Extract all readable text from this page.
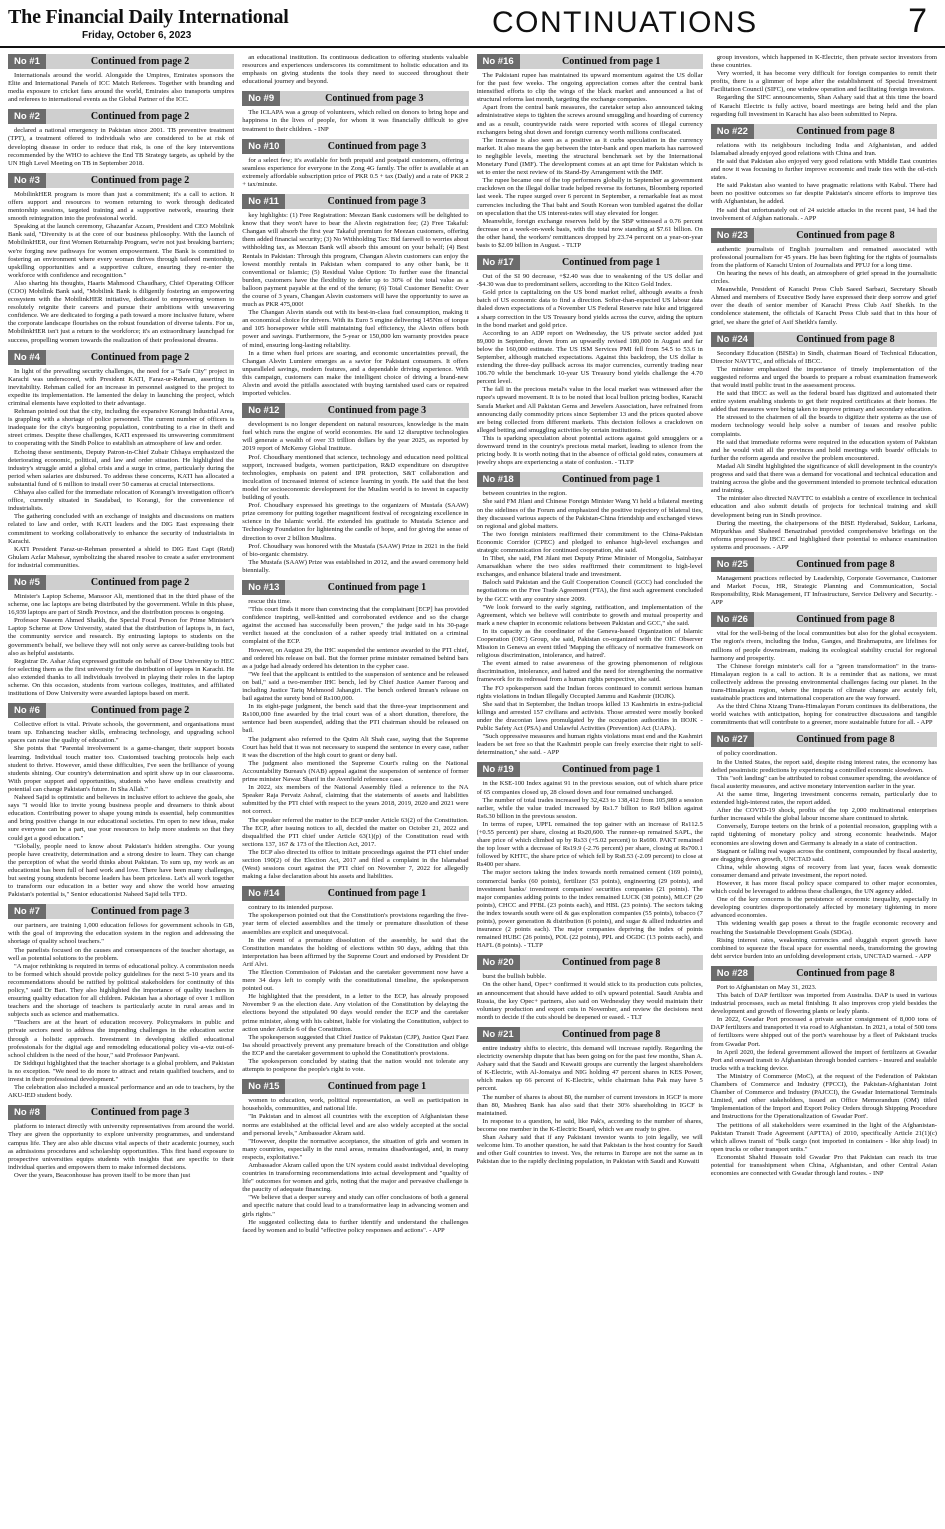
The Financial Daily International
Friday, October 6, 2023	CONTINUATIONS	7
No #1	Continued from page 2

Internationals around the world. Alongside the Umpires, Emirates sponsors the Elite and International Panels of ICC Match Referees. Together with branding and media exposure to cricket fans around the world, Emirates also transports umpires and referees to international events as the Global Partner of the ICC.

No #2	Continued from page 2

declared a national emergency in Pakistan since 2001. TB preventive treatment (TPT), a treatment offered to individuals who are considered to be at risk of developing disease in order to reduce that risk, is one of the key interventions recommended by the WHO to achieve the End TB Strategy targets, as upheld by the UN High Level Meeting on TB in September 2018.

No #3	Continued from page 2

MobilinkHER program is more than just a commitment; it's a call to action. It offers support and resources to women returning to work through dedicated mentorship sessions, targeted training and a supportive network, ensuring their smooth reintegration into the professional world.

Speaking at the launch ceremony, Ghazanfar Azzam, President and CEO Mobilink Bank said, "Diversity is at the core of our business philosophy. With the launch of MobilinkHER, our first Women Returnship Program, we're not just breaking barriers; we're forging new pathways for women empowerment. The Bank is committed to fostering an environment where every woman thrives through tailored mentorship, upskilling opportunities and a supportive culture, ensuring they re-enter the workforce with confidence and recognition."

Also sharing his thoughts, Haaris Mahmood Chaudhary, Chief Operating Officer (COO) Mobilink Bank said, "Mobilink Bank is diligently fostering an empowering ecosystem with the MobilinkHER initiative, dedicated to empowering women to resolutely reignite their careers and pursue their ambitions with unwavering confidence. We are dedicated to forging a path toward a more inclusive future, where the corporate landscape flourishes on the robust foundation of diverse talents. For us, MobilinkHER isn't just a return to the workforce; it's an extraordinary launchpad for success, propelling women towards the realization of their professional dreams.

No #4	Continued from page 2

In light of the prevailing security challenges, the need for a "Safe City" project in Karachi was underscored, with President KATI, Faraz-ur-Rehman, asserting its inevitability. Rehman called for an increase in personnel assigned to the project to expedite its implementation. He lamented the delay in launching the project, which criminal elements have exploited to their advantage.

Rehman pointed out that the city, including the expansive Korangi Industrial Area, is grappling with a shortage of police personnel. The current number of officers is inadequate for the city's burgeoning population, contributing to a rise in theft and street crimes. Despite these challenges, KATI expressed its unwavering commitment to cooperating with the Sindh Police to establish an atmosphere of law and order.

Echoing these sentiments, Deputy Patron-in-Chief Zubair Chhaya emphasized the deteriorating economic, political, and law and order situation. He highlighted the industry's struggle amid a global crisis and a surge in crime, particularly during the period when salaries are disbursed. To address these concerns, KATI has allocated a substantial fund of 6 million to install over 50 cameras at crucial intersections.

Chhaya also called for the immediate relocation of Korangi's investigation officer's office, currently situated in Saudabad, to Korangi, for the convenience of industrialists.

The gathering concluded with an exchange of insights and discussions on matters related to law and order, with KATI leaders and the DIG East expressing their commitment to working collaboratively to enhance the security of industrialists in Karachi.

KATI President Faraz-ur-Rehman presented a shield to DIG East Capt (Retd) Ghulam Azfar Mahesar, symbolizing the shared resolve to create a safer environment for industrial communities.

No #5	Continued from page 2

Minister's Laptop Scheme, Mansoor Ali, mentioned that in the third phase of the scheme, one lac laptops are being distributed by the government. While in this phase, 16,939 laptops are part of Sindh Province, and the distribution process is ongoing.

Professor Naseem Ahmed Shaikh, the Special Focal Person for Prime Minister's Laptop Scheme at Dow University, stated that the distribution of laptops is, in fact, the community service and research. By entrusting laptops to students on the government's behalf, we believe they will not only serve as career-building tools but also as helpful assistants.

Registrar Dr. Ashar Afaq expressed gratitude on behalf of Dow University to HEC for selecting them as the first university for the distribution of laptops in Karachi. He also extended thanks to all individuals involved in playing their roles in the laptop scheme. On this occasion, students from various colleges, institutes, and affiliated institutions of Dow University were awarded laptops based on merit.

No #6	Continued from page 2

Collective effort is vital. Private schools, the government, and organisations must team up. Enhancing teacher skills, embracing technology, and upgrading school spaces can raise the quality of education."

She points that "Parental involvement is a game-changer, their support boosts learning. Individual touch matter too. Customised teaching protocols help each student to thrive. However, amid these difficulties, I've seen the brilliance of young students shining. Our country's determination and spirit show up in our classrooms. With proper support and opportunities, students who have endless creativity and potential can change Pakistan's future. In Sha Allah."

Naheed Sajid is optimistic and believes in inclusive effort to achieve the goals, she says "I would like to invite young business people and dreamers to think about education. Contributing power to shape young minds is essential, help communities and bring positive change in our educational societies. I'm open to new ideas, make sure everyone can be a part, use your resources to help more students so that they could get a good education."

"Globally, people need to know about Pakistan's hidden strengths. Our young people have creativity, determination and a strong desire to learn. They can change the perception of what the world thinks about Pakistan. To sum up, my work as an educationist has been full of hard work and love. There have been many challenges, but seeing young students become leaders has been priceless. Let's all work together to transform our education in a better way and show the world how amazing Pakistan's potential is," Senior educationist Naheed Sajid tells TFD.

No #7	Continued from page 3

our partners, are training 1,000 education fellows for government schools in GB, with the goal of improving the education system in the region and addressing the shortage of quality school teachers."

The panelists focused on the causes and consequences of the teacher shortage, as well as potential solutions to the problem.

"A major rethinking is required in terms of educational policy. A commission needs to be formed which should provide policy guidelines for the next 5-10 years and its recommendations should be ratified by political stakeholders for continuity of this policy," said Dr Bari. They also highlighted the importance of quality teachers in ensuring quality education for all children. Pakistan has a shortage of over 1 million teachers and the shortage of teachers is particularly acute in rural areas and in subjects such as science and mathematics.

"Teachers are at the heart of education recovery. Policymakers in public and private sectors need to address the impending challenges in the education sector through a holistic approach. Investment in developing skilled educational professionals for the digital age and remodeling educational policy vis-a-viz out-of-school children is the need of the hour," said Professor Panjwani.

Dr Siddiqui highlighted that the teacher shortage is a global problem, and Pakistan is no exception. "We need to do more to attract and retain qualified teachers, and to invest in their professional development."

The celebration also included a musical performance and an ode to teachers, by the AKU-IED student body.

No #8	Continued from page 3

platform to interact directly with university representatives from around the world. They are given the opportunity to explore university programmes, and understand campus life. They are also able discuss vital aspects of their academic journey, such as admissions procedures and scholarship opportunities. This first hand exposure to prospective universities equips students with insights that are specific to their individual queries and empowers them to make informed decisions.

Over the years, Beaconhouse has proven itself to be more than just

an educational institution. Its continuous dedication to offering students valuable resources and experiences underscores its commitment to holistic education and its emphasis on giving students the tools they need to succeed throughout their educational journey and beyond.

No #9	Continued from page 3

The ICLAPA was a group of volunteers, which relied on donors to bring hope and happiness in the lives of people, for whom it was financially difficult to give treatment to their children. - INP

No #10	Continued from page 3

for a select few; it's available for both prepaid and postpaid customers, offering a seamless experience for everyone in the Zong 4G family. The offer is available at an extremely affordable subscription price of PKR 0.5 + tax (Daily) and a rate of PKR 2 + tax/minute.

No #11	Continued from page 3

key highlights: (1) Free Registration: Meezan Bank customers will be delighted to know that they won't have to bear the Alsvin registration fee; (2) Free Takaful: Changan will absorb the first year Takaful premium for Meezan customers, offering them added financial security; (3) No Withholding Tax: Bid farewell to worries about withholding tax, as Meezan Bank will absorb this amount on your behalf; (4) Best Rentals in Pakistan: Through this program, Changan Alsvin customers can enjoy the lowest monthly rentals in Pakistan when compared to any other bank, be it conventional or Islamic; (5) Residual Value Option: To further ease the financial burden, customers have the flexibility to defer up to 30% of the total value as a balloon payment payable at the end of the tenure; (6) Total Customer Benefit: Over the course of 3 years, Changan Alsvin customers will have the opportunity to save as much as PKR 475,000!

The Changan Alsvin stands out with its best-in-class fuel consumption, making it an economical choice for drivers. With its Euro 5 engine delivering 145Nm of torque and 105 horsepower while still maintaining fuel efficiency, the Alsvin offers both power and savings. Furthermore, the 5-year or 150,000 km warranty provides peace of mind, ensuring long-lasting reliability.

In a time when fuel prices are soaring, and economic uncertainties prevail, the Changan Alsvin Lumiere emerges as a savior for Pakistani consumers. It offers unparalleled savings, modern features, and a dependable driving experience. With this campaign, customers can make the intelligent choice of driving a brand-new Alsvin and avoid the pitfalls associated with buying tarnished used cars or repaired imported vehicles.

No #12	Continued from page 3

development is no longer dependent on natural resources, knowledge is the main fuel which runs the engine of world economies. He said 12 disruptive technologies will generate a wealth of over 33 trillion dollars by the year 2025, as reported by 2019 report of McKensy Global Institute.

Prof. Choudhary mentioned that science, technology and education need political support, increased budgets, women participation, R&D expenditure on disruptive technologies, emphasis on patent and IPR protection, S&T collaboration and inculcation of increased interest of science learning in youth. He said that the best model for socioeconomic development for the Muslim world is to invest in capacity building of youth.

Prof. Choudhary expressed his greetings to the organizers of Mustafa (SAAW) prize ceremony for putting together magnificent festival of recognizing excellence in science in the Islamic world. He extended his gratitude to Mustafa Science and Technology Foundation for lightening the candle of hope, and for giving the sense of direction to over 2 billion Muslims.

Prof. Choudhary was honored with the Mustafa (SAAW) Prize in 2021 in the field of bio-organic chemistry.

The Mustafa (SAAW) Prize was established in 2012, and the award ceremony held biennially.

No #13	Continued from page 1

rescue this time.

"This court finds it more than convincing that the complainant [ECP] has provided confidence inspiring, well-knitted and corroborated evidence and so the charge against the accused has successfully been proven," the judge said in his 30-page verdict issued at the conclusion of a rather speedy trial initiated on a criminal complaint of the ECP.

However, on August 29, the IHC suspended the sentence awarded to the PTI chief, and ordered his release on bail. But the former prime minister remained behind bars as a judge had already ordered his detention in the cypher case.

"We feel that the applicant is entitled to the suspension of sentence and be released on bail," said a two-member IHC bench, led by Chief Justice Aamer Farooq and including Justice Tariq Mehmood Jahangiri. The bench ordered Imran's release on bail against the surety bond of Rs100,000.

In its eight-page judgment, the bench said that the three-year imprisonment and Rs100,000 fine awarded by the trial court was of a short duration, therefore, the sentence had been suspended, adding that the PTI chairman should be released on bail.

The judgment also referred to the Quim Ali Shah case, saying that the Supreme Court has held that it was not necessary to suspend the sentence in every case, rather it was the discretion of the high court to grant or deny bail.

The judgment also mentioned the Supreme Court's ruling on the National Accountability Bureau's (NAB) appeal against the suspension of sentence of former prime minister Nawaz Sharif in the Avenfield reference case.

In 2022, six members of the National Assembly filed a reference to the NA Speaker Raja Pervaiz Ashraf, claiming that the statements of assets and liabilities submitted by the PTI chief with respect to the years 2018, 2019, 2020 and 2021 were not correct.

The speaker referred the matter to the ECP under Article 63(2) of the Constitution. The ECP, after issuing notices to all, decided the matter on October 21, 2022 and disqualified the PTI chief under Article 63(1)(p) of the Constitution read with sections 137, 167 & 173 of the Election Act, 2017.

The ECP also directed its office to initiate proceedings against the PTI chief under section 190(2) of the Election Act, 2017 and filed a complaint in the Islamabad (West) sessions court against the PTI chief on November 7, 2022 for allegedly making a false declaration about his assets and liabilities.

No #14	Continued from page 1

contrary to its intended purpose.

The spokesperson pointed out that the Constitution's provisions regarding the five-year term of elected assemblies and the timely or premature dissolution of these assemblies are explicit and unequivocal.

In the event of a premature dissolution of the assembly, he said that the Constitution mandates the holding of elections within 90 days, adding that this interpretation has been affirmed by the Supreme Court and endorsed by President Dr Arif Alvi.

The Election Commission of Pakistan and the caretaker government now have a mere 34 days left to comply with the constitutional timeline, the spokesperson pointed out.

He highlighted that the president, in a letter to the ECP, has already proposed November 9 as the election date. Any violation of the Constitution by delaying the elections beyond the stipulated 90 days would render the ECP and the caretaker prime minister, along with his cabinet, liable for violating the Constitution, subject to action under Article 6 of the Constitution.

The spokesperson suggested that Chief Justice of Pakistan (CJP), Justice Qazi Faez Isa should proactively prevent any premature breach of the Constitution and oblige the ECP and the caretaker government to uphold the Constitution's provisions.

The spokesperson concluded by stating that the nation would not tolerate any attempts to postpone the people's right to vote.

No #15	Continued from page 1

women to education, work, political representation, as well as participation in households, communities, and national life.

"In Pakistan and in almost all countries with the exception of Afghanistan these norms are established at the official level and are also widely accepted at the social and personal levels," Ambassador Akram said.

"However, despite the normative acceptance, the situation of girls and women in many countries, especially in the rural areas, remains disadvantaged, and, in many respects, exploitative."

Ambassador Akram called upon the UN system could assist individual developing countries in transforming recommendations into actual development and "quality of life" outcomes for women and girls, noting that the major and pervasive challenge is the paucity of adequate financing.

"We believe that a deeper survey and study can offer conclusions of both a general and specific nature that could lead to a transformative leap in advancing women and girls rights."

He suggested collecting data to further identify and understand the challenges faced by women and to build "effective policy responses and actions". - APP

No #16	Continued from page 1

The Pakistani rupee has maintained its upward momentum against the US dollar for the past few weeks. The ongoing appreciation comes after the central bank intensified efforts to clip the wings of the black market and announced a list of structural reforms last month, targeting the exchange companies.

Apart from the central bank measures, the caretaker setup also announced taking administrative steps to tighten the screws around smuggling and hoarding of currency and as a result, countrywide raids were reported with scores of illegal currency exchangers being shut down and foreign currency worth millions confiscated.

The increase is also seen as a positive as it curbs speculation in the currency market. It also means the gap between the inter-bank and open markets has narrowed to negligible levels, meeting the structural benchmark set by the International Monetary Fund (IMF). The development comes at an apt time for Pakistan which is set to enter the next review of its Stand-By Arrangement with the IMF.

The rupee became one of the top performers globally in September as government crackdown on the illegal dollar trade helped reverse its fortunes, Bloomberg reported last week. The rupee surged over 6 percent in September, a remarkable feat as most currencies including the Thai baht and South Korean won tumbled against the dollar on speculation that the US interest-rates will stay elevated for longer.

Meanwhile, foreign exchange reserves held by the SBP witnessed a 0.76 percent decrease on a week-on-week basis, with the total now standing at $7.61 billion. On the other hand, the workers' remittances dropped by 23.74 percent on a year-on-year basis to $2.09 billion in August. - TLTP

No #17	Continued from page 1

Out of the SI 90 decrease, +$2.40 was due to weakening of the US dollar and -$4.30 was due to predominant sellers, according to the Kitco Gold Index.

Gold price is capitalizing on the US bond market relief, although awaits a fresh batch of US economic data to find a direction. Softer-than-expected US labour data dialed down expectations of a November US Federal Reserve rate hike and triggered a sharp correction in the US Treasury bond yields across the curve, aiding the upturn in the bond market and gold price.

According to an ADP report on Wednesday, the US private sector added just 89,000 in September, down from an upwardly revised 180,000 in August and far below the 160,000 estimate. The US ISM Services PMI fell from 54.5 to 53.6 in September, although matched expectations. Against this backdrop, the US dollar is extending the three-day pullback across its major currencies, currently trading near 106.70 while the benchmark 10-year US Treasury bond yields challenge the 4.70 percent level.

The fall in the precious metal's value in the local market was witnessed after the rupee's upward movement. It is to be noted that local bullion pricing bodies, Karachi Sarafa Market and All Pakistan Gems and Jewelers Association, have refrained from announcing daily commodity prices since September 13 and the prices quoted above are being collected from different markets. This decision follows a crackdown on alleged betting and smuggling activities by certain institutions.

This is sparking speculation about potential actions against gold smugglers or a downward trend in the country's precious metal market, leading to silence from the pricing body. It is worth noting that in the absence of official gold rates, consumers at jewelry shops are experiencing a state of confusion. - TLTP

No #18	Continued from page 1

between countries in the region.

She said FM Jilani and Chinese Foreign Minister Wang Yi held a bilateral meeting on the sidelines of the Forum and emphasized the positive trajectory of bilateral ties, they discussed various aspects of the Pakistan-China friendship and exchanged views on regional and global matters.

The two foreign ministers reaffirmed their commitment to the China-Pakistan Economic Corridor (CPEC) and pledged to enhance high-level exchanges and strategic communication for continued cooperation, she said.

In Tibet, she said, FM Jilani met Deputy Prime Minister of Mongolia, Sainbayar Amarsaikhan where the two sides reaffirmed their commitment to high-level exchanges, and enhance bilateral trade and investment.

Baloch said Pakistan and the Gulf Cooperation Council (GCC) had concluded the negotiations on the Free Trade Agreement (FTA), the first such agreement concluded by the GCC with any country since 2009.

"We look forward to the early signing, ratification, and implementation of the Agreement, which we believe will contribute to growth and mutual prosperity and mark a new chapter in economic relations between Pakistan and GCC," she said.

In its capacity as the coordinator of the Geneva-based Organization of Islamic Cooperation (OIC) Group, she said, Pakistan co-organized with the OIC Observer Mission in Geneva an event titled 'Mapping the efficacy of normative framework on religious discrimination, intolerance, and hatred'.

The event aimed to raise awareness of the growing phenomenon of religious discrimination, intolerance, and hatred and the need for strengthening the normative framework for its redressal from a human rights perspective, she said.

The FO spokesperson said the Indian forces continued to commit serious human rights violations in Indian Illegally Occupied Jammu and Kashmir (IIOJK).

She said that in September, the Indian troops killed 13 Kashmiris in extra-judicial killings and arrested 157 civilians and activists. Those arrested were mostly booked under the draconian laws promulgated by the occupation authorities in IIOJK - Public Safety Act (PSA) and Unlawful Activities (Prevention) Act (UAPA).

"Such oppressive measures and human rights violations must end and the Kashmiri leaders be set free so that the Kashmiri people can freely exercise their right to self-determination," she said. - APP

No #19	Continued from page 1

in the KSE-100 Index against 91 in the previous session, out of which share price of 65 companies closed up, 28 closed down and four remained unchanged.

The number of total trades increased by 32,423 to 138,412 from 105,989 a session earlier, while the value traded increased by Rs1.7 billion to Rs9 billion against Rs6.30 billion in the previous session.

In terms of rupee, UPFL remained the top gainer with an increase of Rs112.5 (+0.55 percent) per share, closing at Rs20,600. The runner-up remained SAPL, the share price of which climbed up by Rs33 (+5.02 percent) to Rs690. PAKT remained the top loser with a decrease of Rs19.9 (-2.76 percent) per share, closing at Rs700.1 followed by KHTC, the share price of which fell by Rs8.53 (-2.09 percent) to close at Rs400 per share.

The major sectors taking the index towards north remained cement (169 points), commercial banks (60 points), fertilizer (53 points), engineering (29 points), and investment banks/ investment companies/ securities companies (21 points). The major companies adding points to the index remained LUCK (38 points), MLCF (29 points), CHCC and FFBL (23 points each), and HBL (23 points). The sectors taking the index towards south were oil & gas exploration companies (55 points), tobacco (7 points), power generation & distribution (6 points), and sugar & allied industries and insurance (2 points each). The major companies depriving the index of points remained HUBC (26 points), POL (22 points), PPL and OGDC (13 points each), and HAFL (8 points). - TLTP

No #20	Continued from page 8

burst the bullish bubble.

On the other hand, Opec+ confirmed it would stick to its production cuts policies, an announcement that should have added to oil's upward potential. Saudi Arabia and Russia, the key Opec+ partners, also said on Wednesday they would maintain their voluntary production and export cuts in November, and review the decisions next month to decide if the cuts should be deepened or eased. - TLT

No #21	Continued from page 8

entire industry shifts to electric, this demand will increase rapidly. Regarding the electricity ownership dispute that has been going on for the past few months, Shan A. Ashary said that the Saudi and Kuwaiti groups are currently the largest shareholders of K-Electric, with Al-Jomaiya and NIG holding 47 percent shares in KES Power, which makes up 66 percent of K-Electric, while chairman Isha Pak may have 5 percent.

The number of shares is about 80, the number of current investors in IGCF is more than 80, Mashreq Bank has also said that their 30% shareholding in IGCF is maintained.

In response to a question, he said, like Pak's, according to the number of shares, become one member in the K-Electric Board, which we are ready to give.

Shan Ashary said that if any Pakistani investor wants to join legally, we will welcome him. To another question, he said that Pakistan is the host country for Saudi and other Gulf countries to invest. Yes, the returns in Europe are not the same as in Pakistan due to the rapidly declining population, in Pakistan with Saudi and Kuwaiti

group investors, which happened in K-Electric, then private sector investors from these countries.

Very worried, it has become very difficult for foreign companies to remit their profits, there is a glimmer of hope after the establishment of Special Investment Facilitation Council (SIFC), one window operation and facilitating foreign investors.

Regarding the SIFC announcements, Shan Ashary said that at this time the board of Karachi Electric is fully active, board meetings are being held and the plan regarding full investment in Karachi has also been submitted to Nepra.

No #22	Continued from page 8

relations with its neighbours including India and Afghanistan, and added Islamabad already enjoyed good relations with China and Iran.

He said that Pakistan also enjoyed very good relations with Middle East countries and now it was focusing to further improve economic and trade ties with the oil-rich states.

He said Pakistan also wanted to have pragmatic relations with Kabul. There had been no positive outcomes so far despite Pakistan's sincere efforts to improve ties with Afghanistan, he added.

He said that unfortunately out of 24 suicide attacks in the recent past, 14 had the involvement of Afghan nationals. - APP

No #23	Continued from page 8

authentic journalists of English journalism and remained associated with professional journalism for 45 years. He has been fighting for the rights of journalists from the platform of Karachi Union of Journalists and PFUJ for a long time.

On hearing the news of his death, an atmosphere of grief spread in the journalistic circles.

Meanwhile, President of Karachi Press Club Saeed Sarbazi, Secretary Shoaib Ahmed and members of Executive Body have expressed their deep sorrow and grief over the death of senior member of Karachi Press Club Asif Sheikh. In the condolence statement, the officials of Karachi Press Club said that in this hour of grief, we share the grief of Asif Sheikh's family.

No #24	Continued from page 8

Secondary Education (BISEs) in Sindh, chairman Board of Technical Education, Director NAVTTC, and officials of IBCC.

The minister emphasized the importance of timely implementation of the suggested reforms and urged the boards to prepare a robust examination framework that would instil public trust in the assessment process.

He said that IBCC as well as the federal board has digitized and automated their entire system enabling students to get their required certificates at their homes. He added that measures were being taken to improve primary and secondary education.

He stressed to the chairmen of all the boards to digitize their systems as the use of modern technology would help solve a number of issues and resolve public complaints.

He said that immediate reforms were required in the education system of Pakistan and he would visit all the provinces and hold meetings with boards' officials to further the reform agenda and resolve the problem encountered.

Madad Ali Sindhi highlighted the significance of skill development in the country's progress and said that there was a demand for vocational and technical education and training across the globe and the government intended to promote technical education and training.

The minister also directed NAVTTC to establish a centre of excellence in technical education and also submit details of projects for technical training and skill development being run in Sindh province.

During the meeting, the chairpersons of the BISE Hyderabad, Sukkur, Larkana, Mirpurkhas and Shaheed Benazirabad provided comprehensive briefings on the reforms proposed by IBCC and highlighted their potential to enhance examination systems and processes. - APP

No #25	Continued from page 8

Management practices reflected by Leadership, Corporate Governance, Customer and Market Focus, HR, Strategic Planning and Communication, Social Responsibility, Risk Management, IT Infrastructure, Service Delivery and Security. - APP

No #26	Continued from page 8

vital for the well-being of the local communities but also for the global ecosystem. The region's rivers, including the Indus, Ganges, and Brahmaputra, are lifelines for millions of people downstream, making its ecological stability crucial for regional harmony and prosperity.

The Chinese foreign minister's call for a "green transformation" in the trans-Himalayan region is a call to action. It is a reminder that as nations, we must collectively address the pressing environmental challenges facing our planet. In the trans-Himalayan region, where the impacts of climate change are acutely felt, sustainable practices and international cooperation are the way forward.

As the third China Xizang Trans-Himalayan Forum continues its deliberations, the world watches with anticipation, hoping for constructive discussions and tangible commitments that will contribute to a greener, more sustainable future for all. - APP

No #27	Continued from page 8

of policy coordination.

In the United States, the report said, despite rising interest rates, the economy has defied pessimistic predictions by experiencing a controlled economic slowdown.

This "soft landing" can be attributed to robust consumer spending, the avoidance of fiscal austerity measures, and active monetary intervention earlier in the year.

At the same time, lingering investment concerns remain, particularly due to extended high-interest rates, the report added.

After the COVID-19 shock, profits of the top 2,000 multinational enterprises further increased while the global labour income share continued to shrink.

Conversely, Europe teeters on the brink of a potential recession, grappling with a rapid tightening of monetary policy and strong economic headwinds. Major economies are slowing down and Germany is already in a state of contraction.

Stagnant or falling real wages across the continent, compounded by fiscal austerity, are dragging down growth, UNCTAD said.

China, while showing signs of recovery from last year, faces weak domestic consumer demand and private investment, the report noted.

However, it has more fiscal policy space compared to other major economies, which could be leveraged to address these challenges, the UN agency added.

One of the key concerns is the persistence of economic inequality, especially in developing countries disproportionately affected by monetary tightening in more advanced economies.

This widening wealth gap poses a threat to the fragile economic recovery and reaching the Sustainable Development Goals (SDGs).

Rising interest rates, weakening currencies and sluggish export growth have combined to squeeze the fiscal space for essential needs, transforming the growing debt service burden into an unfolding development crisis, UNCTAD warned. - APP

No #28	Continued from page 8

Port to Afghanistan on May 31, 2023.

This batch of DAP fertilizer was imported from Australia. DAP is used in various industrial processes, such as metal finishing. It also improves crop yield besides the development and growth of flowering plants or leafy plants.

In 2022, Gwadar Port processed a private sector consignment of 8,000 tons of DAP fertilizers and transported it via road to Afghanistan. In 2021, a total of 500 tons of fertilizers were shipped out of the port's warehouse by a fleet of Pakistani trucks from Gwadar Port.

In April 2020, the federal government allowed the import of fertilizers at Gwadar Port and onward transit to Afghanistan through bonded carriers - insured and sealable trucks with a tracking device.

The Ministry of Commerce (MoC), at the request of the Federation of Pakistan Chambers of Commerce and Industry (FPCCI), the Pakistan-Afghanistan Joint Chamber of Commerce and Industry (PAJCCI), the Gwadar International Terminals Limited, and other stakeholders, issued an Office Memorandum (OM) titled 'Implementation of the Import and Export Policy Orders through Shipping Procedure and Instructions for the Operationalization of Gwadar Port'.

The petitions of all stakeholders were examined in the light of the Afghanistan-Pakistan Transit Trade Agreement (APTTA) of 2010, specifically Article 21(1)(c) which allows transit of "bulk cargo (not imported in containers - like ship load) in open trucks or other transport units."

Economist Shahid Hussain told Gwadar Pro that Pakistan can reach its true potential for transshipment when China, Afghanistan, and other Central Asian economies are connected with Gwadar through land routes. - INP
